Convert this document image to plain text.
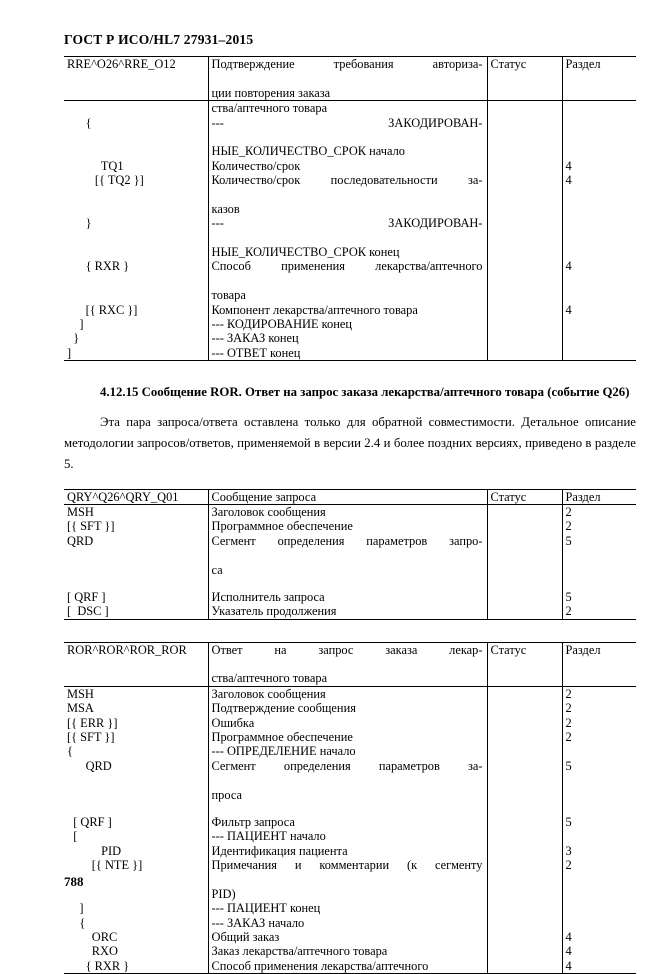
ГОСТ Р ИСО/HL7 27931–2015
RRE^O26^RRE_O12	Подтверждение требования авториза-
ции повторения заказа	Статус	Раздел
	ства/аптечного товара		
{	---                        ЗАКОДИРОВАН-
НЫЕ_КОЛИЧЕСТВО_СРОК начало		
TQ1	Количество/срок		4
[{ TQ2 }]	Количество/срок последовательности за-
казов		4
}	---                        ЗАКОДИРОВАН-
НЫЕ_КОЛИЧЕСТВО_СРОК конец		
{ RXR }	Способ применения лекарства/аптечного
товара		4
[{ RXC }]	Компонент лекарства/аптечного товара		4
]	--- КОДИРОВАНИЕ конец		
}	--- ЗАКАЗ конец		
]	--- ОТВЕТ конец		
4.12.15 Сообщение ROR. Ответ на запрос заказа лекарства/аптечного товара (событие Q26)
Эта пара запроса/ответа оставлена только для обратной совместимости. Детальное описание методологии запросов/ответов, применяемой в версии 2.4 и более поздних версиях, приведено в разделе 5.
QRY^Q26^QRY_Q01	Сообщение запроса	Статус	Раздел
MSH	Заголовок сообщения		2
[{ SFT }]	Программное обеспечение		2
QRD	Сегмент определения параметров запро-
са		5

[ QRF ]	Исполнитель запроса		5
[  DSC ]	Указатель продолжения		2
ROR^ROR^ROR_ROR	Ответ на запрос заказа лекар-
ства/аптечного товара	Статус	Раздел
MSH	Заголовок сообщения		2
MSA	Подтверждение сообщения		2
[{ ERR }]	Ошибка		2
[{ SFT }]	Программное обеспечение		2
{	--- ОПРЕДЕЛЕНИЕ начало		
QRD	Сегмент определения параметров за-
проса		5

[ QRF ]	Фильтр запроса		5
[	--- ПАЦИЕНТ начало		
PID	Идентификация пациента		3
[{ NTE }]	Примечания и комментарии (к сегменту
PID)		2
]	--- ПАЦИЕНТ конец		
{	--- ЗАКАЗ начало		
ORC	Общий заказ		4
RXO	Заказ лекарства/аптечного товара		4
{ RXR }	Способ применения лекарства/аптечного		4
788
